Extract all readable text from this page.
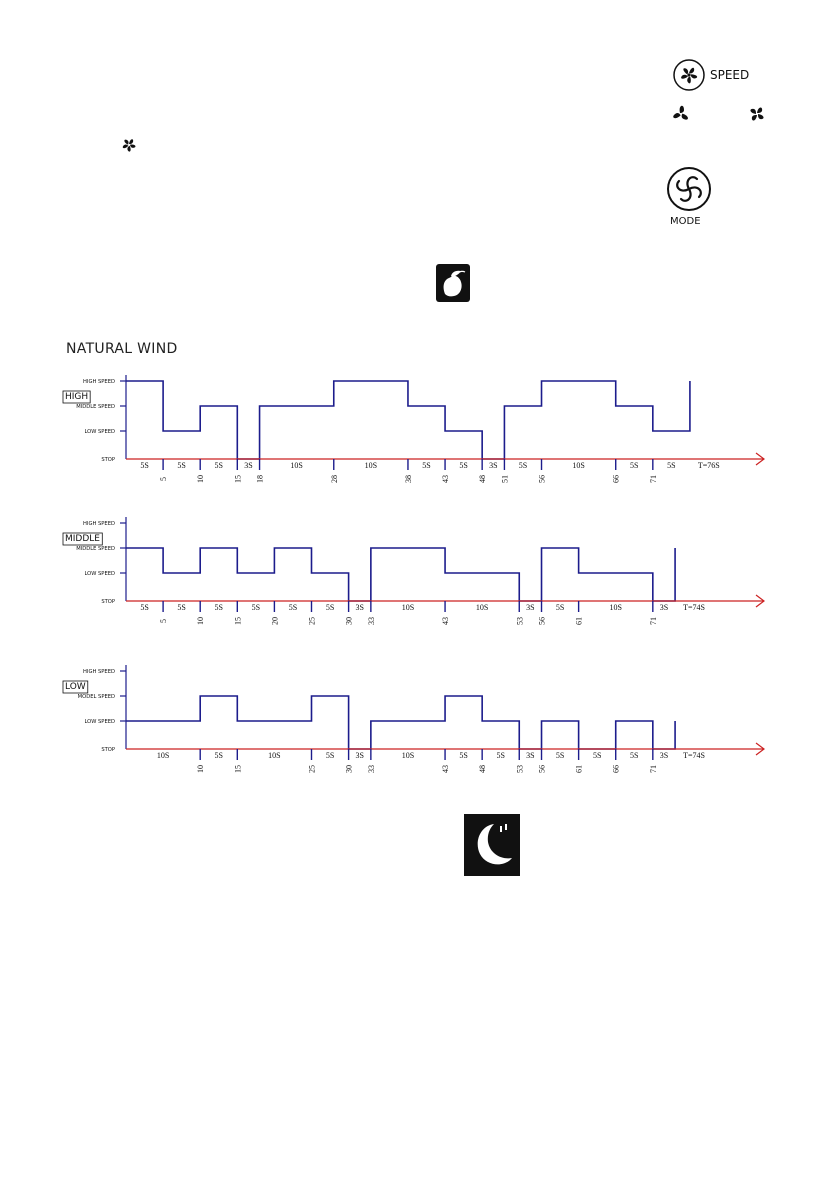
SPEED
MODE
NATURAL WIND
HIGH
STOP
LOW SPEED
MIDDLE SPEED
HIGH SPEED
5	10	15 18	28	38	43	48 51	56	66	71
5S	5S	5S	3S	10S	10S	5S	5S	3S	5S	10S	5S	5S	T=76S
MIDDLE
STOP
LOW SPEED
MIDDLE SPEED
HIGH SPEED
5	10	15	20	25	30 33	43	53 56	61	71
5S	5S	5S	5S	5S	5S	3S	10S	10S	3S	5S	10S	3S T=74S
LOW
STOP
LOW SPEED
MODEL SPEED
HIGH SPEED
10	15	25	30 33	43	48	53 56	61	66	71
10S	5S	10S	5S	3S	10S	5S	5S	3S	5S	5S	5S	3S T=74S
